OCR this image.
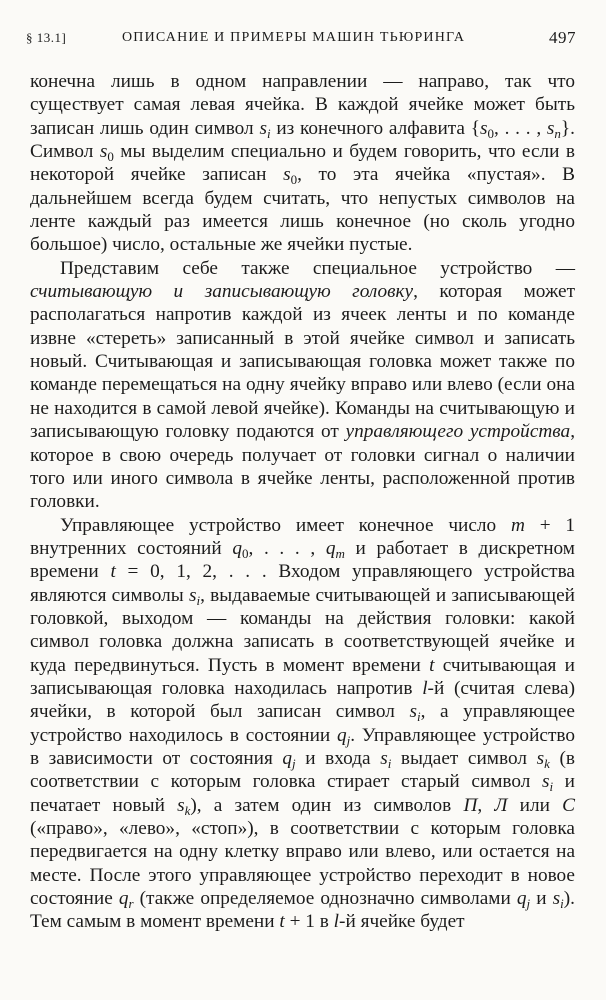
§ 13.1]	ОПИСАНИЕ И ПРИМЕРЫ МАШИН ТЬЮРИНГА	497

конечна лишь в одном направлении — направо, так что существует самая левая ячейка. В каждой ячейке может быть записан лишь один символ $s_i$ из конечного алфавита {$s_0$, . . . , $s_n$}. Символ $s_0$ мы выделим специально и будем говорить, что если в некоторой ячейке записан $s_0$, то эта ячейка «пустая». В дальнейшем всегда будем считать, что непустых символов на ленте каждый раз имеется лишь конечное (но сколь угодно большое) число, остальные же ячейки пустые.

Представим себе также специальное устройство — считывающую и записывающую головку, которая может располагаться напротив каждой из ячеек ленты и по команде извне «стереть» записанный в этой ячейке символ и записать новый. Считывающая и записывающая головка может также по команде перемещаться на одну ячейку вправо или влево (если она не находится в самой левой ячейке). Команды на считывающую и записывающую головку подаются от управляющего устройства, которое в свою очередь получает от головки сигнал о наличии того или иного символа в ячейке ленты, расположенной против головки.

Управляющее устройство имеет конечное число m + 1 внутренних состояний $q_0$, . . . , $q_m$ и работает в дискретном времени t = 0, 1, 2, . . . Входом управляющего устройства являются символы $s_i$, выдаваемые считывающей и записывающей головкой, выходом — команды на действия головки: какой символ головка должна записать в соответствующей ячейке и куда передвинуться. Пусть в момент времени t считывающая и записывающая головка находилась напротив l-й (считая слева) ячейки, в которой был записан символ $s_i$, а управляющее устройство находилось в состоянии $q_j$. Управляющее устройство в зависимости от состояния $q_j$ и входа $s_i$ выдает символ $s_k$ (в соответствии с которым головка стирает старый символ $s_i$ и печатает новый $s_k$), а затем один из символов П, Л или С («право», «лево», «стоп»), в соответствии с которым головка передвигается на одну клетку вправо или влево, или остается на месте. После этого управляющее устройство переходит в новое состояние $q_r$ (также определяемое однозначно символами $q_j$ и $s_i$). Тем самым в момент времени t + 1 в l-й ячейке будет
